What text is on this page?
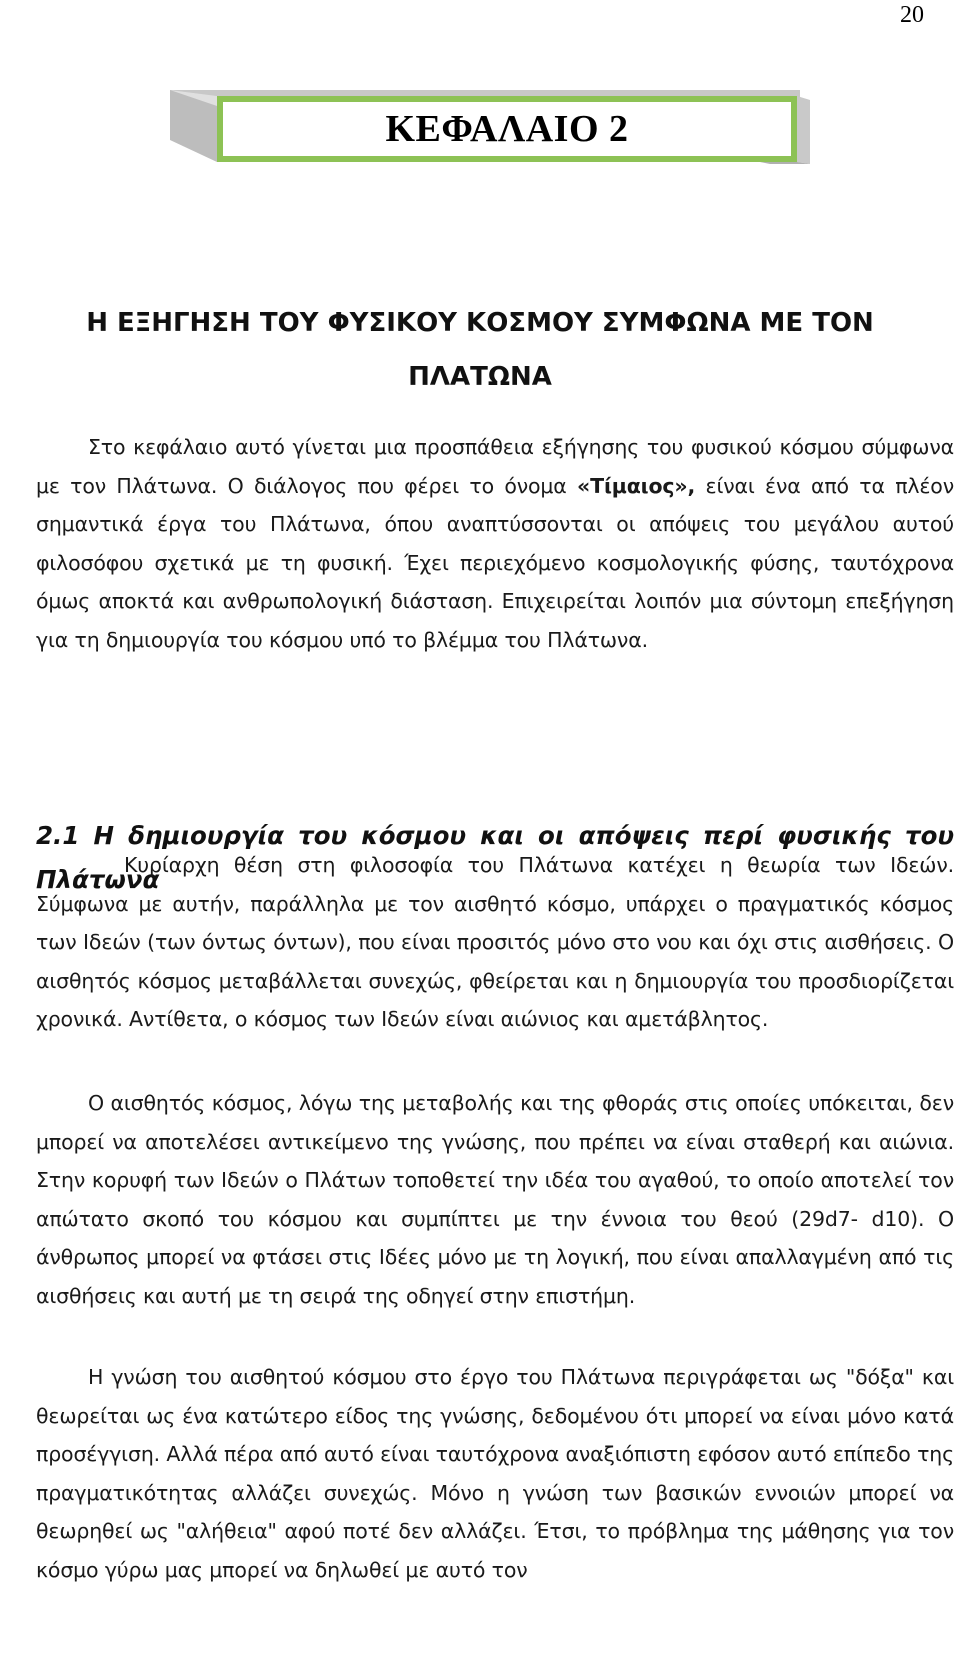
20
ΚΕΦΑΛΑΙΟ 2
Η ΕΞΗΓΗΣΗ ΤΟΥ ΦΥΣΙΚΟΥ ΚΟΣΜΟΥ ΣΥΜΦΩΝΑ ΜΕ ΤΟΝ
ΠΛΑΤΩΝΑ
Στο κεφάλαιο αυτό γίνεται μια προσπάθεια εξήγησης του φυσικού κόσμου σύμφωνα με τον Πλάτωνα. Ο διάλογος που φέρει το όνομα «Τίμαιος», είναι ένα από τα πλέον σημαντικά έργα του Πλάτωνα, όπου αναπτύσσονται οι απόψεις του μεγάλου αυτού φιλοσόφου σχετικά με τη φυσική. Έχει περιεχόμενο κοσμολογικής φύσης, ταυτόχρονα όμως αποκτά και ανθρωπολογική διάσταση. Επιχειρείται λοιπόν μια σύντομη επεξήγηση για τη δημιουργία του κόσμου υπό το βλέμμα του Πλάτωνα.
2.1 Η δημιουργία του κόσμου και οι απόψεις περί φυσικής του Πλάτωνα
Κυρίαρχη θέση στη φιλοσοφία του Πλάτωνα κατέχει η θεωρία των Ιδεών. Σύμφωνα με αυτήν, παράλληλα με τον αισθητό κόσμο, υπάρχει ο πραγματικός κόσμος των Ιδεών (των όντως όντων), που είναι προσιτός μόνο στο νου και όχι στις αισθήσεις. Ο αισθητός κόσμος μεταβάλλεται συνεχώς, φθείρεται και η δημιουργία του προσδιορίζεται χρονικά. Αντίθετα, ο κόσμος των Ιδεών είναι αιώνιος και αμετάβλητος.
Ο αισθητός κόσμος, λόγω της μεταβολής και της φθοράς στις οποίες υπόκειται, δεν μπορεί να αποτελέσει αντικείμενο της γνώσης, που πρέπει να είναι σταθερή και αιώνια. Στην κορυφή των Ιδεών ο Πλάτων τοποθετεί την ιδέα του αγαθού, το οποίο αποτελεί τον απώτατο σκοπό του κόσμου και συμπίπτει με την έννοια του θεού (29d7- d10). Ο άνθρωπος μπορεί να φτάσει στις Ιδέες μόνο με τη λογική, που είναι απαλλαγμένη από τις αισθήσεις και αυτή με τη σειρά της οδηγεί στην επιστήμη.
Η γνώση του αισθητού κόσμου στο έργο του Πλάτωνα περιγράφεται ως "δόξα" και θεωρείται ως ένα κατώτερο είδος της γνώσης, δεδομένου ότι μπορεί να είναι μόνο κατά προσέγγιση. Αλλά πέρα από αυτό είναι ταυτόχρονα αναξιόπιστη εφόσον αυτό επίπεδο της πραγματικότητας αλλάζει συνεχώς. Μόνο η γνώση των βασικών εννοιών μπορεί να θεωρηθεί ως "αλήθεια" αφού ποτέ δεν αλλάζει. Έτσι, το πρόβλημα της μάθησης για τον κόσμο γύρω μας μπορεί να δηλωθεί με αυτό τον
